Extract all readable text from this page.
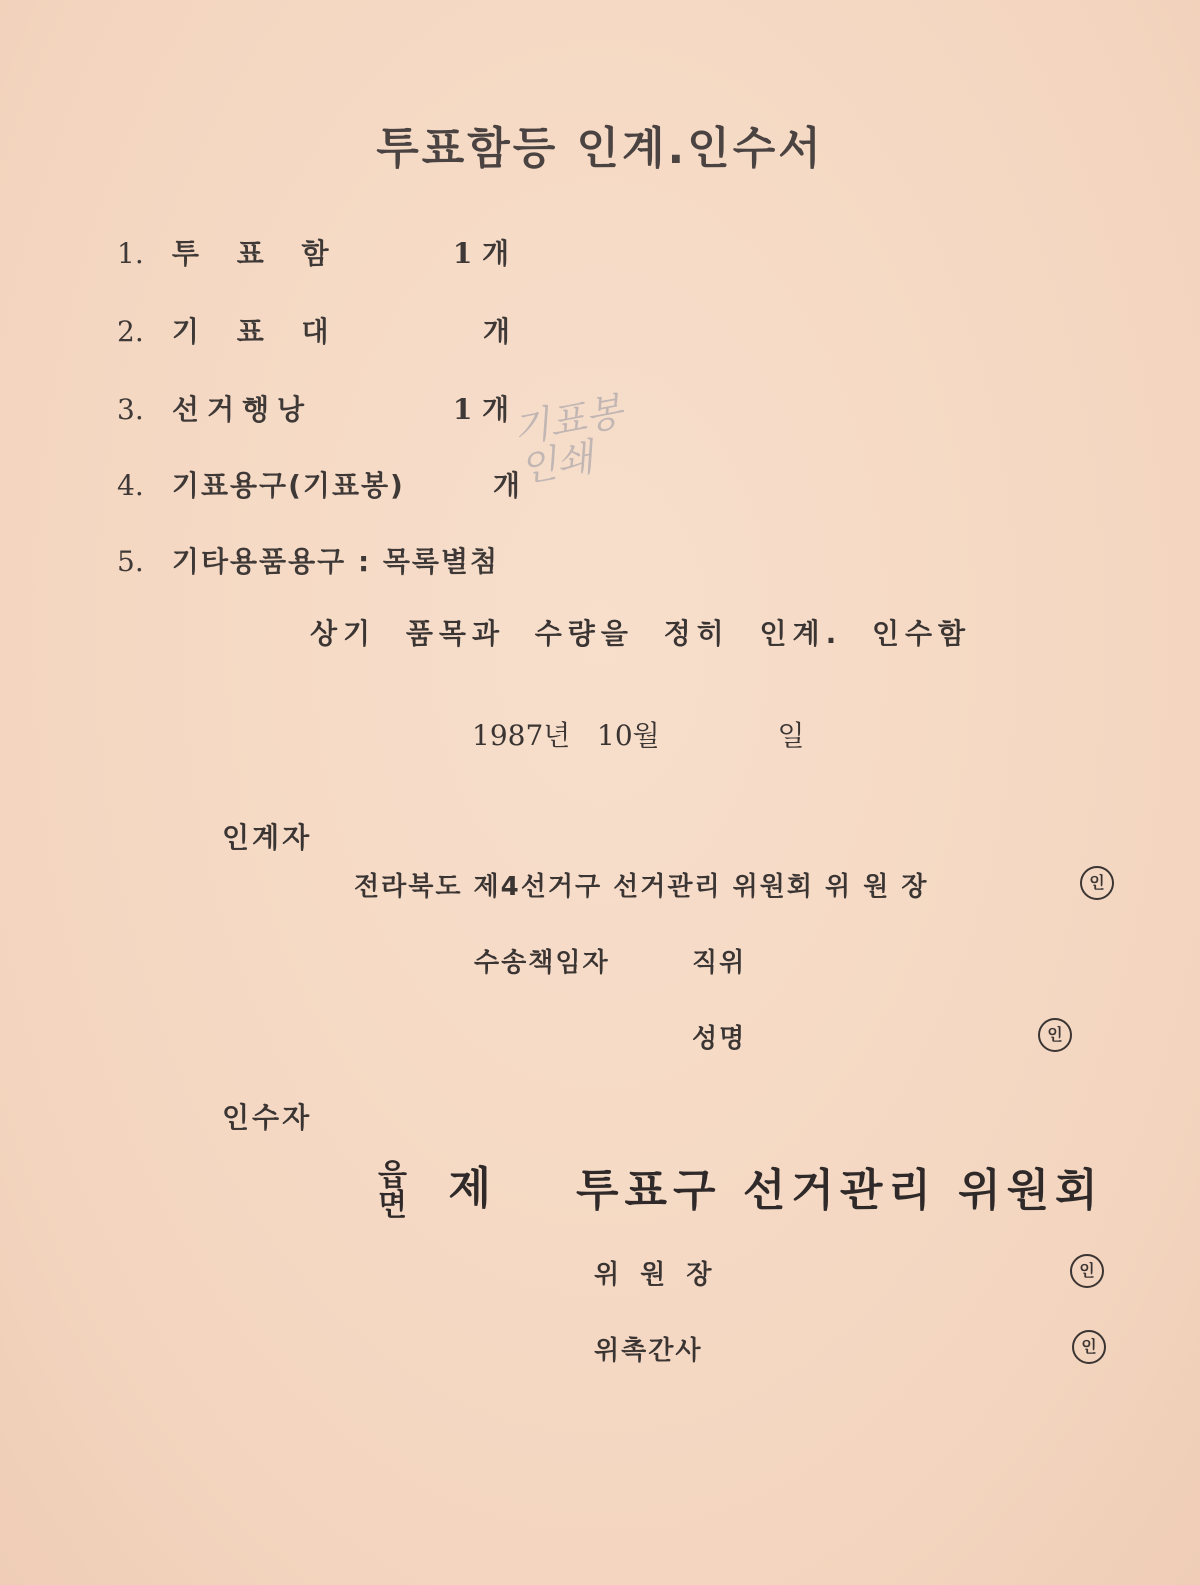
투표함등 인계.인수서
1. 투 표 함	1 개
2. 기 표 대	개
3. 선거행낭	1 개
4. 기표용구(기표봉)	개
5. 기타용품용구 : 목록별첨
기표봉
인쇄
상기 품목과 수량을 정히 인계. 인수함
1987년 10월	일
인계자
전라북도 제4선거구 선거관리 위원회 위 원 장	인
수송책임자	직위
성명	인
인수자
읍
면 제 투표구 선거관리 위원회
위 원 장	인
위촉간사	인
